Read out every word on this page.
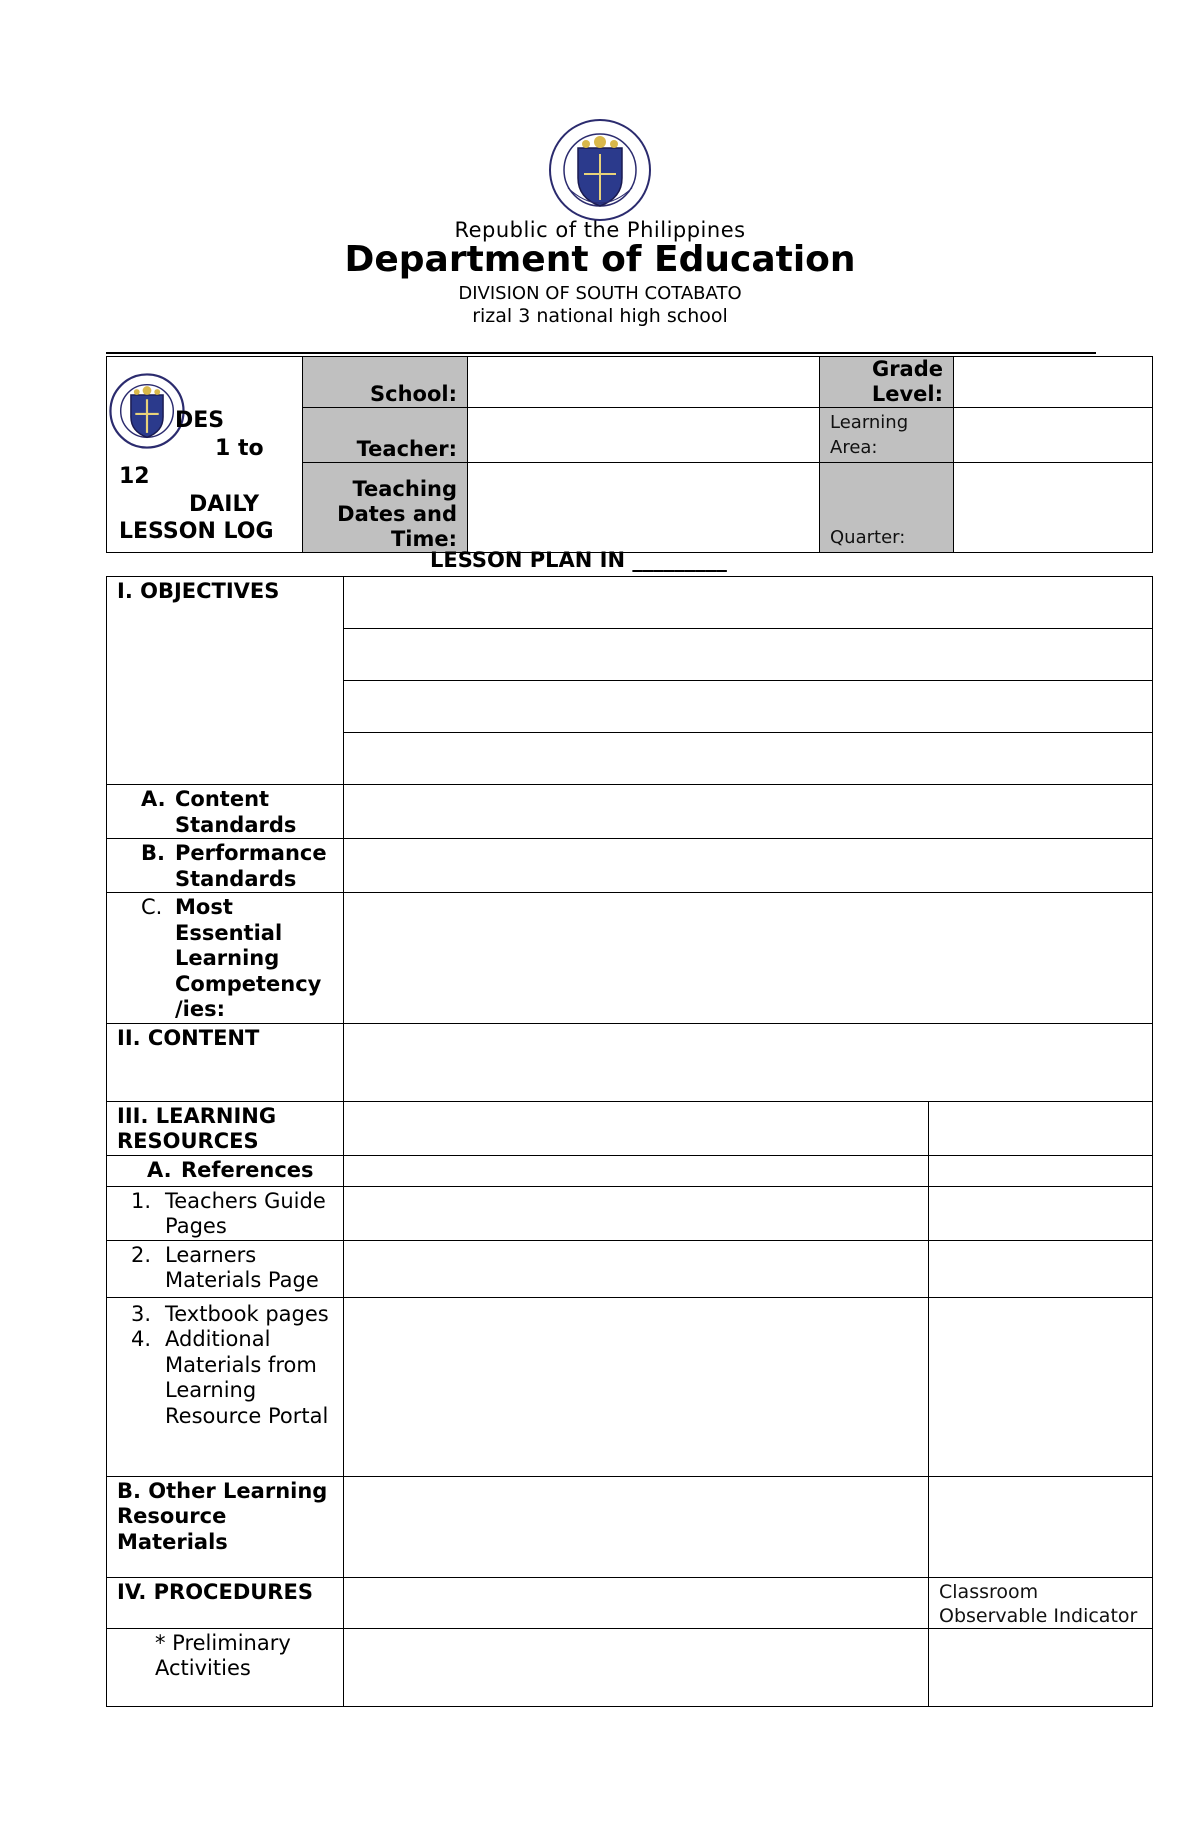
Republic of the Philippines
Department of Education
DIVISION OF SOUTH COTABATO
rizal 3 national high school
DES
1 to
12
DAILY
LESSON LOG	School:		Grade Level:	
	Teacher:		Learning Area:	
	Teaching Dates and Time:		Quarter:	
LESSON PLAN IN _________
I. OBJECTIVES		

A. Content Standards		

B. Performance Standards		

C. Most Essential Learning Competency /ies:		

II. CONTENT		
III. LEARNING RESOURCES		

A. References		

1. Teachers Guide Pages		

2. Learners Materials Page		

3. Textbook pages
4. Additional Materials from Learning Resource Portal		

B. Other Learning Resource Materials		
IV. PROCEDURES		Classroom Observable Indicator
* Preliminary Activities		
